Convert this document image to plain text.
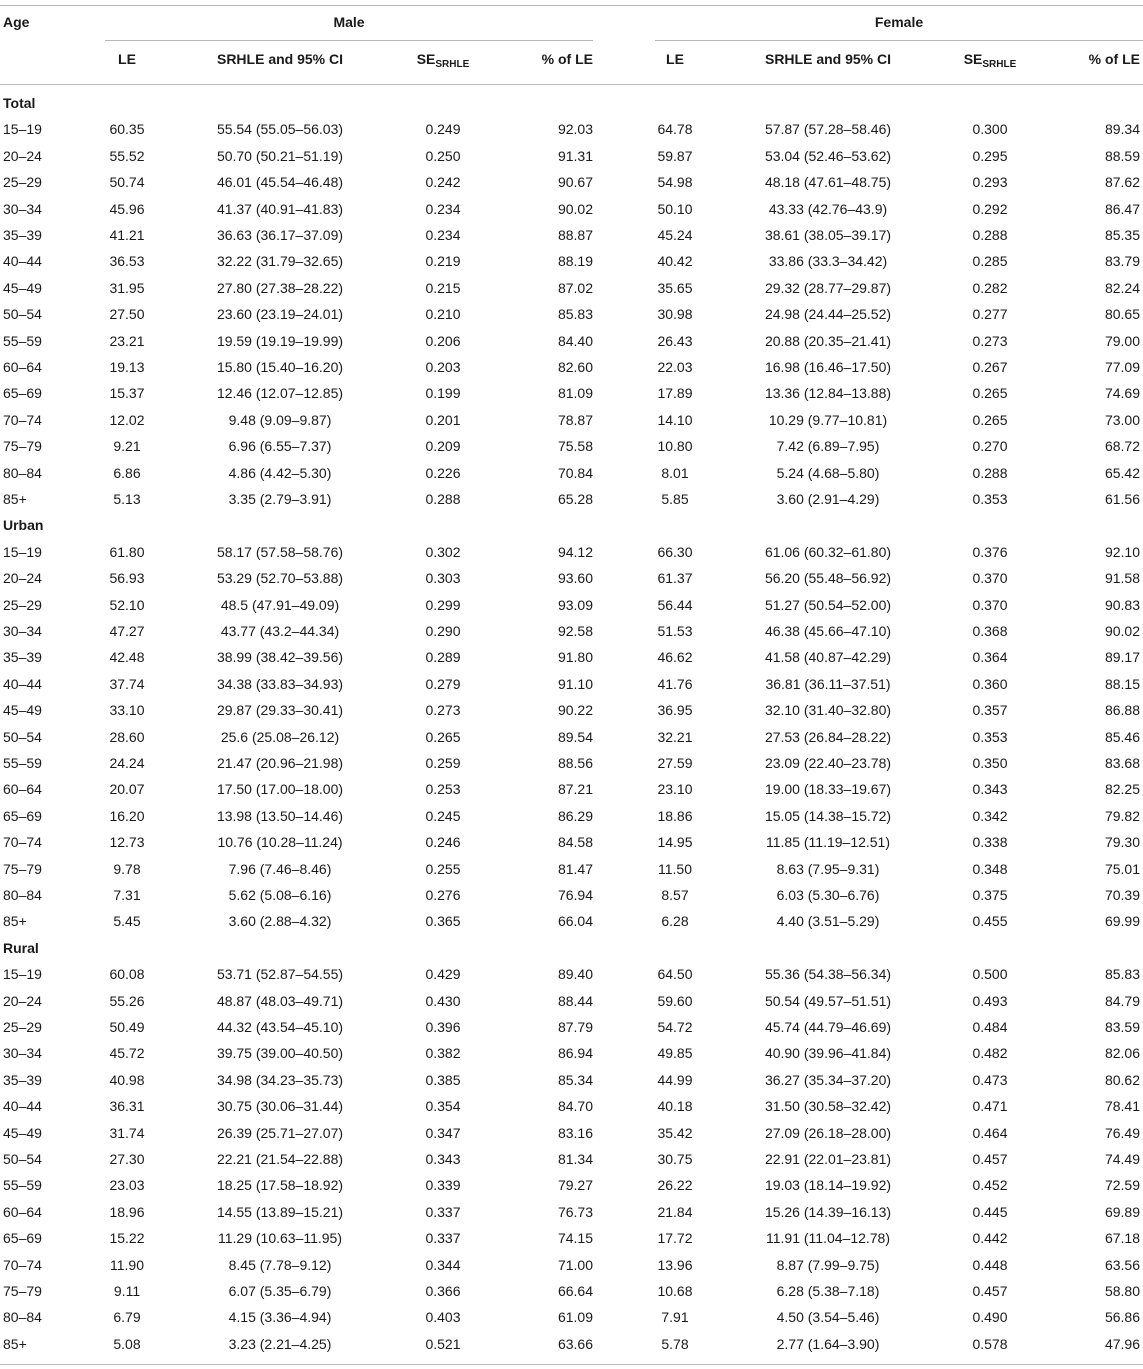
Age	Male	Female
LE	SRHLE and 95% CI	$SE_{SRHLE}$	% of LE	LE	SRHLE and 95% CI	$SE_{SRHLE}$	% of LE
Total
15–19	60.35	55.54 (55.05–56.03)	0.249	92.03	64.78	57.87 (57.28–58.46)	0.300	89.34
20–24	55.52	50.70 (50.21–51.19)	0.250	91.31	59.87	53.04 (52.46–53.62)	0.295	88.59
25–29	50.74	46.01 (45.54–46.48)	0.242	90.67	54.98	48.18 (47.61–48.75)	0.293	87.62
30–34	45.96	41.37 (40.91–41.83)	0.234	90.02	50.10	43.33 (42.76–43.9)	0.292	86.47
35–39	41.21	36.63 (36.17–37.09)	0.234	88.87	45.24	38.61 (38.05–39.17)	0.288	85.35
40–44	36.53	32.22 (31.79–32.65)	0.219	88.19	40.42	33.86 (33.3–34.42)	0.285	83.79
45–49	31.95	27.80 (27.38–28.22)	0.215	87.02	35.65	29.32 (28.77–29.87)	0.282	82.24
50–54	27.50	23.60 (23.19–24.01)	0.210	85.83	30.98	24.98 (24.44–25.52)	0.277	80.65
55–59	23.21	19.59 (19.19–19.99)	0.206	84.40	26.43	20.88 (20.35–21.41)	0.273	79.00
60–64	19.13	15.80 (15.40–16.20)	0.203	82.60	22.03	16.98 (16.46–17.50)	0.267	77.09
65–69	15.37	12.46 (12.07–12.85)	0.199	81.09	17.89	13.36 (12.84–13.88)	0.265	74.69
70–74	12.02	9.48 (9.09–9.87)	0.201	78.87	14.10	10.29 (9.77–10.81)	0.265	73.00
75–79	9.21	6.96 (6.55–7.37)	0.209	75.58	10.80	7.42 (6.89–7.95)	0.270	68.72
80–84	6.86	4.86 (4.42–5.30)	0.226	70.84	8.01	5.24 (4.68–5.80)	0.288	65.42
85+	5.13	3.35 (2.79–3.91)	0.288	65.28	5.85	3.60 (2.91–4.29)	0.353	61.56
Urban
15–19	61.80	58.17 (57.58–58.76)	0.302	94.12	66.30	61.06 (60.32–61.80)	0.376	92.10
20–24	56.93	53.29 (52.70–53.88)	0.303	93.60	61.37	56.20 (55.48–56.92)	0.370	91.58
25–29	52.10	48.5 (47.91–49.09)	0.299	93.09	56.44	51.27 (50.54–52.00)	0.370	90.83
30–34	47.27	43.77 (43.2–44.34)	0.290	92.58	51.53	46.38 (45.66–47.10)	0.368	90.02
35–39	42.48	38.99 (38.42–39.56)	0.289	91.80	46.62	41.58 (40.87–42.29)	0.364	89.17
40–44	37.74	34.38 (33.83–34.93)	0.279	91.10	41.76	36.81 (36.11–37.51)	0.360	88.15
45–49	33.10	29.87 (29.33–30.41)	0.273	90.22	36.95	32.10 (31.40–32.80)	0.357	86.88
50–54	28.60	25.6 (25.08–26.12)	0.265	89.54	32.21	27.53 (26.84–28.22)	0.353	85.46
55–59	24.24	21.47 (20.96–21.98)	0.259	88.56	27.59	23.09 (22.40–23.78)	0.350	83.68
60–64	20.07	17.50 (17.00–18.00)	0.253	87.21	23.10	19.00 (18.33–19.67)	0.343	82.25
65–69	16.20	13.98 (13.50–14.46)	0.245	86.29	18.86	15.05 (14.38–15.72)	0.342	79.82
70–74	12.73	10.76 (10.28–11.24)	0.246	84.58	14.95	11.85 (11.19–12.51)	0.338	79.30
75–79	9.78	7.96 (7.46–8.46)	0.255	81.47	11.50	8.63 (7.95–9.31)	0.348	75.01
80–84	7.31	5.62 (5.08–6.16)	0.276	76.94	8.57	6.03 (5.30–6.76)	0.375	70.39
85+	5.45	3.60 (2.88–4.32)	0.365	66.04	6.28	4.40 (3.51–5.29)	0.455	69.99
Rural
15–19	60.08	53.71 (52.87–54.55)	0.429	89.40	64.50	55.36 (54.38–56.34)	0.500	85.83
20–24	55.26	48.87 (48.03–49.71)	0.430	88.44	59.60	50.54 (49.57–51.51)	0.493	84.79
25–29	50.49	44.32 (43.54–45.10)	0.396	87.79	54.72	45.74 (44.79–46.69)	0.484	83.59
30–34	45.72	39.75 (39.00–40.50)	0.382	86.94	49.85	40.90 (39.96–41.84)	0.482	82.06
35–39	40.98	34.98 (34.23–35.73)	0.385	85.34	44.99	36.27 (35.34–37.20)	0.473	80.62
40–44	36.31	30.75 (30.06–31.44)	0.354	84.70	40.18	31.50 (30.58–32.42)	0.471	78.41
45–49	31.74	26.39 (25.71–27.07)	0.347	83.16	35.42	27.09 (26.18–28.00)	0.464	76.49
50–54	27.30	22.21 (21.54–22.88)	0.343	81.34	30.75	22.91 (22.01–23.81)	0.457	74.49
55–59	23.03	18.25 (17.58–18.92)	0.339	79.27	26.22	19.03 (18.14–19.92)	0.452	72.59
60–64	18.96	14.55 (13.89–15.21)	0.337	76.73	21.84	15.26 (14.39–16.13)	0.445	69.89
65–69	15.22	11.29 (10.63–11.95)	0.337	74.15	17.72	11.91 (11.04–12.78)	0.442	67.18
70–74	11.90	8.45 (7.78–9.12)	0.344	71.00	13.96	8.87 (7.99–9.75)	0.448	63.56
75–79	9.11	6.07 (5.35–6.79)	0.366	66.64	10.68	6.28 (5.38–7.18)	0.457	58.80
80–84	6.79	4.15 (3.36–4.94)	0.403	61.09	7.91	4.50 (3.54–5.46)	0.490	56.86
85+	5.08	3.23 (2.21–4.25)	0.521	63.66	5.78	2.77 (1.64–3.90)	0.578	47.96
